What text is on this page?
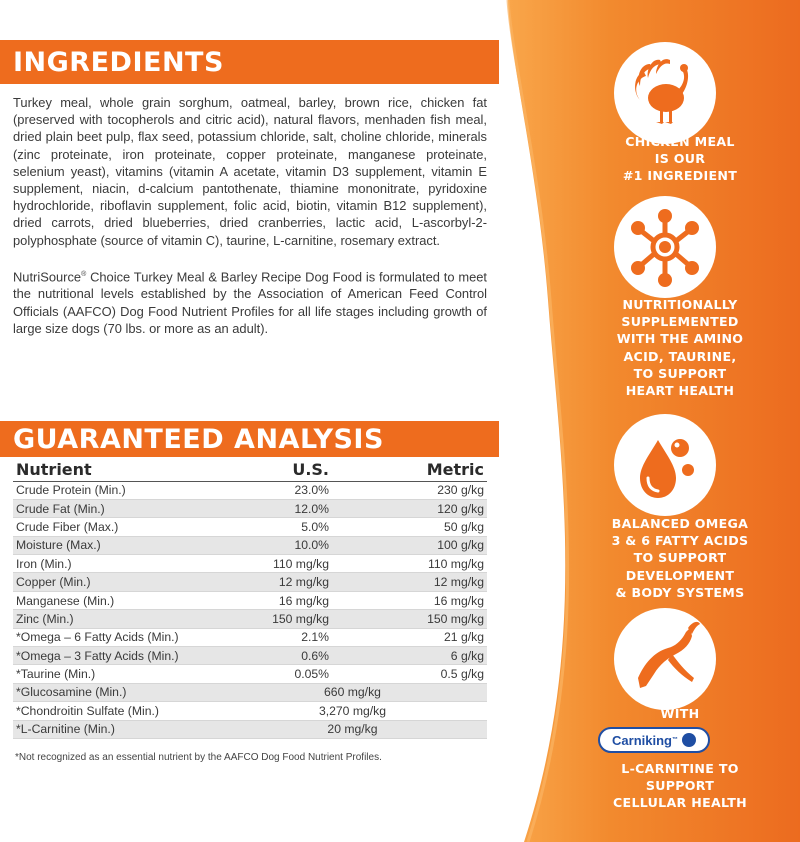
INGREDIENTS

Turkey meal, whole grain sorghum, oatmeal, barley, brown rice, chicken fat (preserved with tocopherols and citric acid), natural flavors, menhaden fish meal, dried plain beet pulp, flax seed, potassium chloride, salt, choline chloride, minerals (zinc proteinate, iron proteinate, copper proteinate, manganese proteinate, selenium yeast), vitamins (vitamin A acetate, vitamin D3 supplement, vitamin E supplement, niacin, d-calcium pantothenate, thiamine mononitrate, pyridoxine hydrochloride, riboflavin supplement, folic acid, biotin, vitamin B12 supplement), dried carrots, dried blueberries, dried cranberries, lactic acid, L-ascorbyl-2-polyphosphate (source of vitamin C), taurine, L-carnitine, rosemary extract.

NutriSource® Choice Turkey Meal & Barley Recipe Dog Food is formulated to meet the nutritional levels established by the Association of American Feed Control Officials (AAFCO) Dog Food Nutrient Profiles for all life stages including growth of large size dogs (70 lbs. or more as an adult).

GUARANTEED ANALYSIS
Nutrient	U.S.	Metric
Crude Protein (Min.)	23.0%	230 g/kg
Crude Fat (Min.)	12.0%	120 g/kg
Crude Fiber (Max.)	5.0%	50 g/kg
Moisture (Max.)	10.0%	100 g/kg
Iron (Min.)	110 mg/kg	110 mg/kg
Copper (Min.)	12 mg/kg	12 mg/kg
Manganese (Min.)	16 mg/kg	16 mg/kg
Zinc (Min.)	150 mg/kg	150 mg/kg
*Omega – 6 Fatty Acids (Min.)	2.1%	21 g/kg
*Omega – 3 Fatty Acids (Min.)	0.6%	6 g/kg
*Taurine (Min.)	0.05%	0.5 g/kg
*Glucosamine (Min.)	660 mg/kg	
*Chondroitin Sulfate (Min.)	3,270 mg/kg	
*L-Carnitine (Min.)	20 mg/kg	
*Not recognized as an essential nutrient by the AAFCO Dog Food Nutrient Profiles.
CHICKEN MEAL
IS OUR
#1 INGREDIENT
NUTRITIONALLY
SUPPLEMENTED
WITH THE AMINO
ACID, TAURINE,
TO SUPPORT
HEART HEALTH
BALANCED OMEGA
3 & 6 FATTY ACIDS
TO SUPPORT
DEVELOPMENT
& BODY SYSTEMS
WITH
Carniking ™
L-CARNITINE TO
SUPPORT
CELLULAR HEALTH
